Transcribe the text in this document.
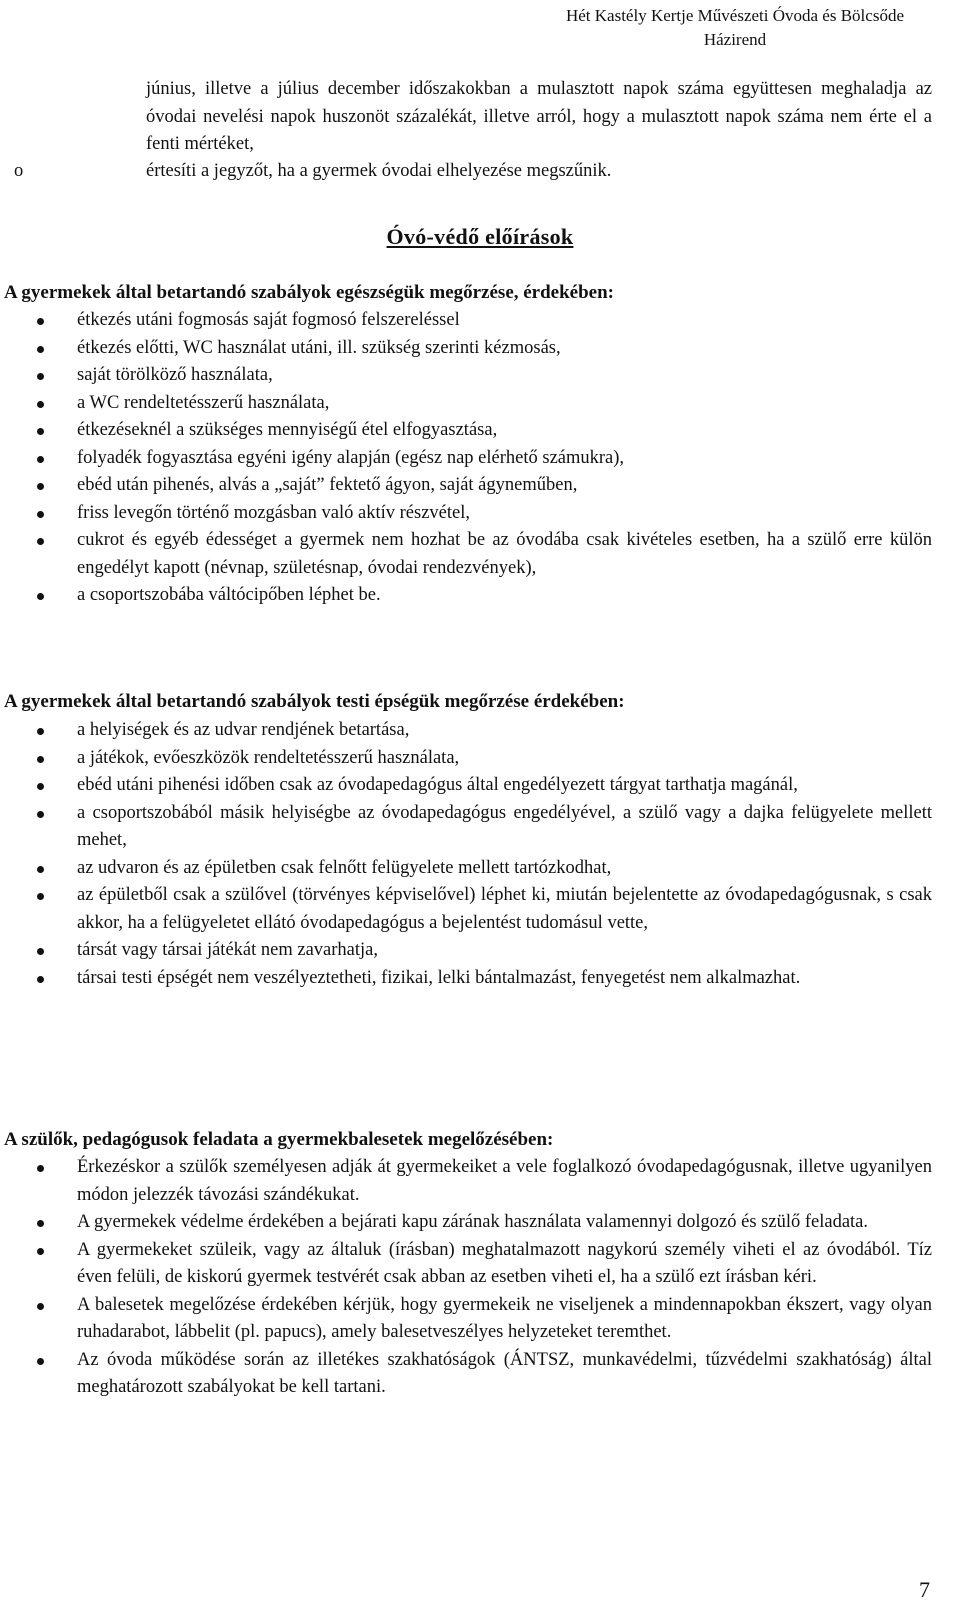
Hét Kastély Kertje Művészeti Óvoda és Bölcsőde
Házirend
június, illetve a július december időszakokban a mulasztott napok száma együttesen meghaladja az óvodai nevelési napok huszonöt százalékát, illetve arról, hogy a mulasztott napok száma nem érte el a fenti mértéket,
o	értesíti a jegyzőt, ha a gyermek óvodai elhelyezése megszűnik.
Óvó-védő előírások
A gyermekek által betartandó szabályok egészségük megőrzése, érdekében:
étkezés utáni fogmosás saját fogmosó felszereléssel
étkezés előtti, WC használat utáni, ill. szükség szerinti kézmosás,
saját törölköző használata,
a WC rendeltetésszerű használata,
étkezéseknél a szükséges mennyiségű étel elfogyasztása,
folyadék fogyasztása egyéni igény alapján (egész nap elérhető számukra),
ebéd után pihenés, alvás a „saját” fektető ágyon, saját ágyneműben,
friss levegőn történő mozgásban való aktív részvétel,
cukrot és egyéb édességet a gyermek nem hozhat be az óvodába csak kivételes esetben, ha a szülő erre külön engedélyt kapott (névnap, születésnap, óvodai rendezvények),
a csoportszobába váltócipőben léphet be.
A gyermekek által betartandó szabályok testi épségük megőrzése érdekében:
a helyiségek és az udvar rendjének betartása,
a játékok, evőeszközök rendeltetésszerű használata,
ebéd utáni pihenési időben csak az óvodapedagógus által engedélyezett tárgyat tarthatja magánál,
a csoportszobából másik helyiségbe az óvodapedagógus engedélyével, a szülő vagy a dajka felügyelete mellett mehet,
az udvaron és az épületben csak felnőtt felügyelete mellett tartózkodhat,
az épületből csak a szülővel (törvényes képviselővel) léphet ki, miután bejelentette az óvodapedagógusnak, s csak akkor, ha a felügyeletet ellátó óvodapedagógus a bejelentést tudomásul vette,
társát vagy társai játékát nem zavarhatja,
társai testi épségét nem veszélyeztetheti, fizikai, lelki bántalmazást, fenyegetést nem alkalmazhat.
A szülők, pedagógusok feladata a gyermekbalesetek megelőzésében:
Érkezéskor a szülők személyesen adják át gyermekeiket a vele foglalkozó óvodapedagógusnak, illetve ugyanilyen módon jelezzék távozási szándékukat.
A gyermekek védelme érdekében a bejárati kapu zárának használata valamennyi dolgozó és szülő feladata.
A gyermekeket szüleik, vagy az általuk (írásban) meghatalmazott nagykorú személy viheti el az óvodából. Tíz éven felüli, de kiskorú gyermek testvérét csak abban az esetben viheti el, ha a szülő ezt írásban kéri.
A balesetek megelőzése érdekében kérjük, hogy gyermekeik ne viseljenek a mindennapokban ékszert, vagy olyan ruhadarabot, lábbelit (pl. papucs), amely balesetveszélyes helyzeteket teremthet.
Az óvoda működése során az illetékes szakhatóságok (ÁNTSZ, munkavédelmi, tűzvédelmi szakhatóság) által meghatározott szabályokat be kell tartani.
7
